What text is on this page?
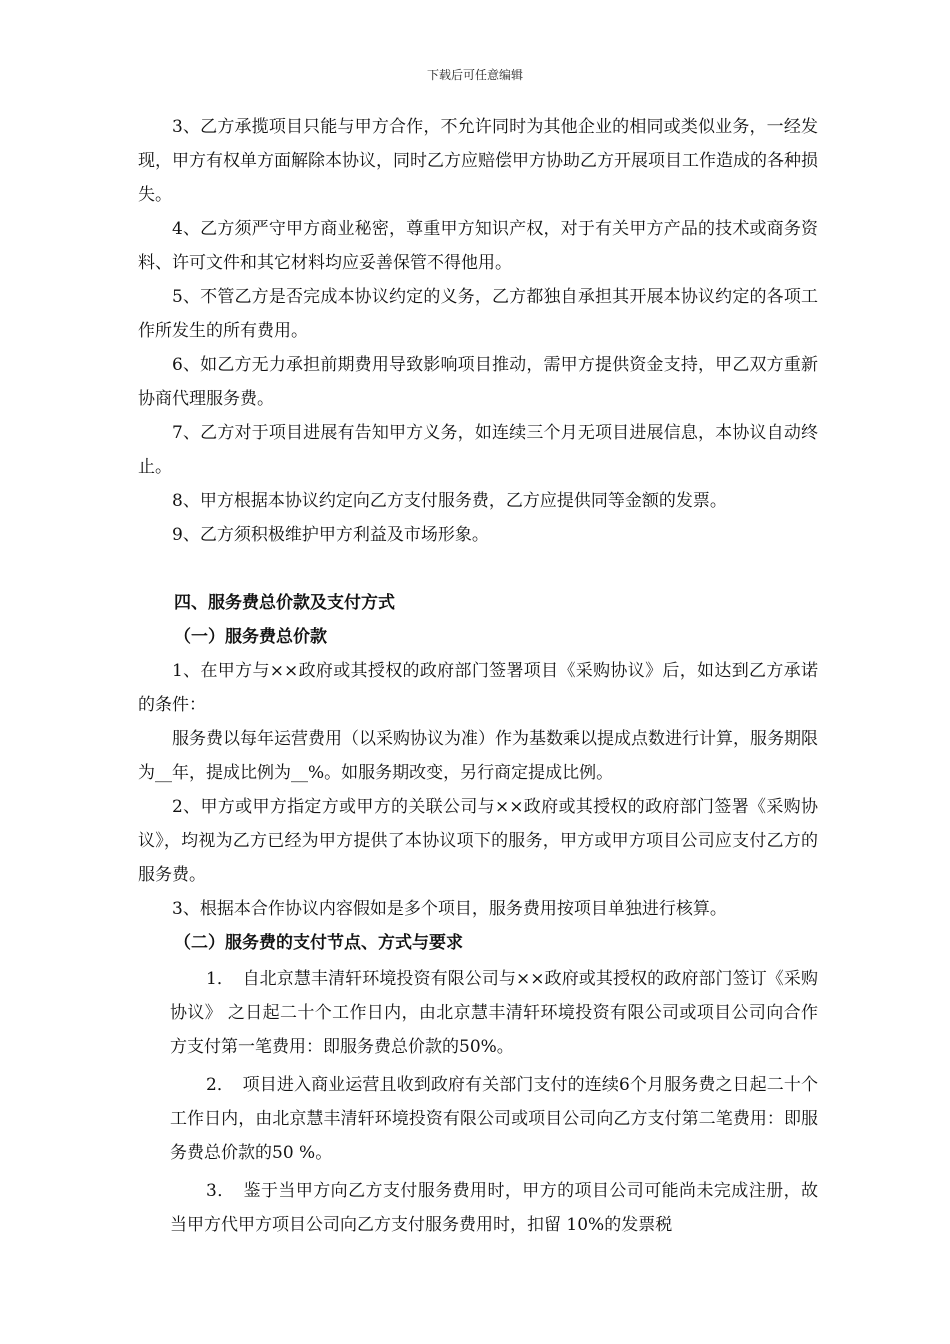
下载后可任意编辑

3、乙方承揽项目只能与甲方合作，不允许同时为其他企业的相同或类似业务，一经发现，甲方有权单方面解除本协议，同时乙方应赔偿甲方协助乙方开展项目工作造成的各种损失。

4、乙方须严守甲方商业秘密，尊重甲方知识产权，对于有关甲方产品的技术或商务资料、许可文件和其它材料均应妥善保管不得他用。

5、不管乙方是否完成本协议约定的义务，乙方都独自承担其开展本协议约定的各项工作所发生的所有费用。

6、如乙方无力承担前期费用导致影响项目推动，需甲方提供资金支持，甲乙双方重新协商代理服务费。

7、乙方对于项目进展有告知甲方义务，如连续三个月无项目进展信息，本协议自动终止。

8、甲方根据本协议约定向乙方支付服务费，乙方应提供同等金额的发票。

9、乙方须积极维护甲方利益及市场形象。

四、服务费总价款及支付方式

（一）服务费总价款

1、在甲方与××政府或其授权的政府部门签署项目《采购协议》后，如达到乙方承诺的条件：

服务费以每年运营费用（以采购协议为准）作为基数乘以提成点数进行计算，服务期限为__年，提成比例为__%。如服务期改变，另行商定提成比例。

2、甲方或甲方指定方或甲方的关联公司与××政府或其授权的政府部门签署《采购协议》，均视为乙方已经为甲方提供了本协议项下的服务，甲方或甲方项目公司应支付乙方的服务费。

3、根据本合作协议内容假如是多个项目，服务费用按项目单独进行核算。

（二）服务费的支付节点、方式与要求

1．　自北京慧丰清轩环境投资有限公司与××政府或其授权的政府部门签订《采购协议》 之日起二十个工作日内，由北京慧丰清轩环境投资有限公司或项目公司向合作方支付第一笔费用：即服务费总价款的50%。

2．　项目进入商业运营且收到政府有关部门支付的连续6个月服务费之日起二十个工作日内，由北京慧丰清轩环境投资有限公司或项目公司向乙方支付第二笔费用：即服务费总价款的50 %。

3．　鉴于当甲方向乙方支付服务费用时，甲方的项目公司可能尚未完成注册，故当甲方代甲方项目公司向乙方支付服务费用时，扣留 10%的发票税
